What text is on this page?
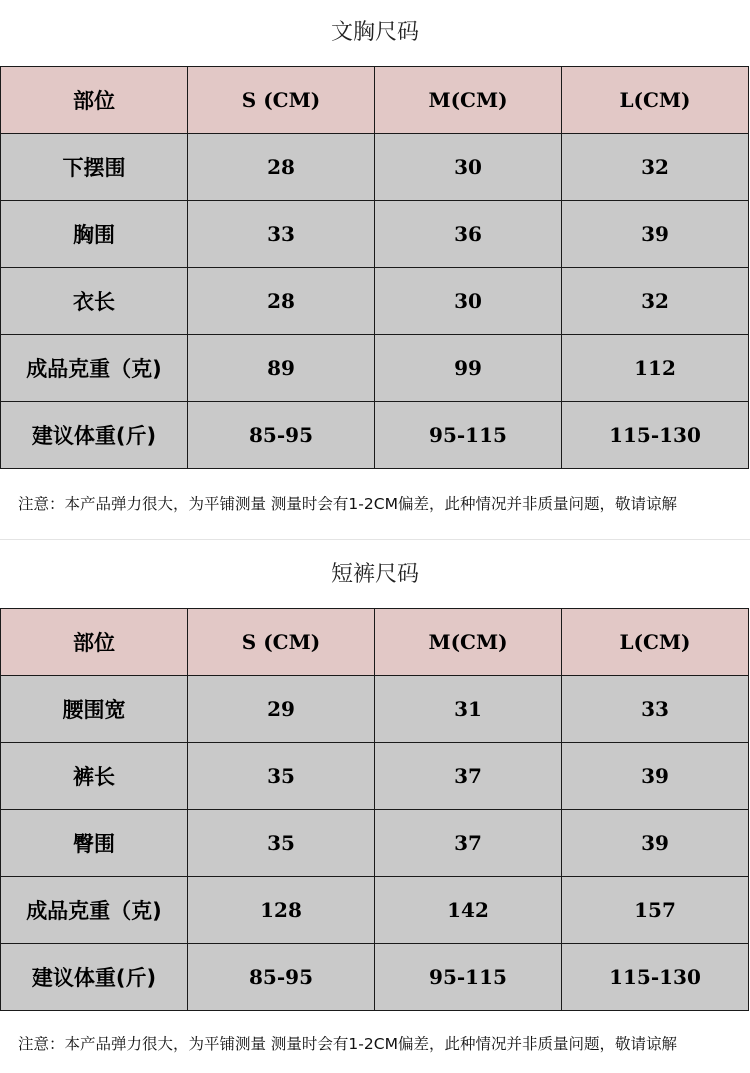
文胸尺码
部位	S (CM)	M(CM)	L(CM)
下摆围	28	30	32
胸围	33	36	39
衣长	28	30	32
成品克重（克)	89	99	112
建议体重(斤)	85-95	95-115	115-130
注意：本产品弹力很大，为平铺测量 测量时会有1-2CM偏差，此种情况并非质量问题，敬请谅解
短裤尺码
部位	S (CM)	M(CM)	L(CM)
腰围宽	29	31	33
裤长	35	37	39
臀围	35	37	39
成品克重（克)	128	142	157
建议体重(斤)	85-95	95-115	115-130
注意：本产品弹力很大，为平铺测量 测量时会有1-2CM偏差，此种情况并非质量问题，敬请谅解
